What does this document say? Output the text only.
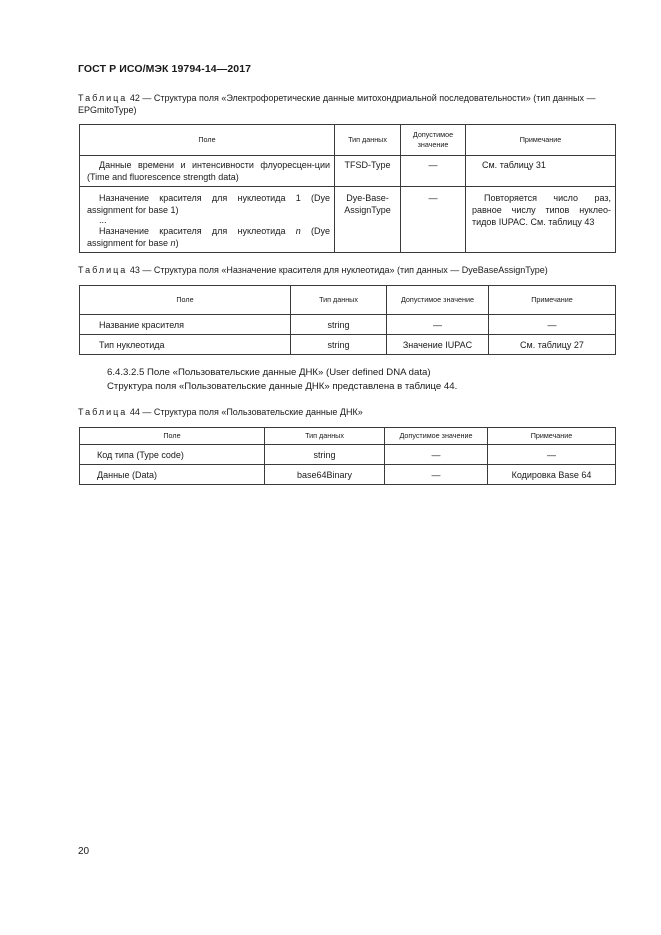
ГОСТ Р ИСО/МЭК 19794-14—2017
Таблица 42 — Структура поля «Электрофоретические данные митохондриальной последовательности» (тип данных — EPGmitoType)
Поле	Тип данных	Допустимое значение	Примечание

Данные времени и интенсивности флуоресцен-ции (Time and fluorescence strength data)	TFSD-Type	—	См. таблицу 31

Назначение красителя для нуклеотида 1 (Dye assignment for base 1)
...
Назначение красителя для нуклеотида n (Dye assignment for base n)	Dye-Base-AssignType	—	Повторяется число раз, равное числу типов нуклео-тидов IUPAC. См. таблицу 43
Таблица 43 — Структура поля «Назначение красителя для нуклеотида» (тип данных — DyeBaseAssignType)
Поле	Тип данных	Допустимое значение	Примечание
Название красителя	string	—	—
Тип нуклеотида	string	Значение IUPAC	См. таблицу 27
6.4.3.2.5 Поле «Пользовательские данные ДНК» (User defined DNA data)
Структура поля «Пользовательские данные ДНК» представлена в таблице 44.
Таблица 44 — Структура поля «Пользовательские данные ДНК»
Поле	Тип данных	Допустимое значение	Примечание
Код типа (Type code)	string	—	—
Данные (Data)	base64Binary	—	Кодировка Base 64
20
